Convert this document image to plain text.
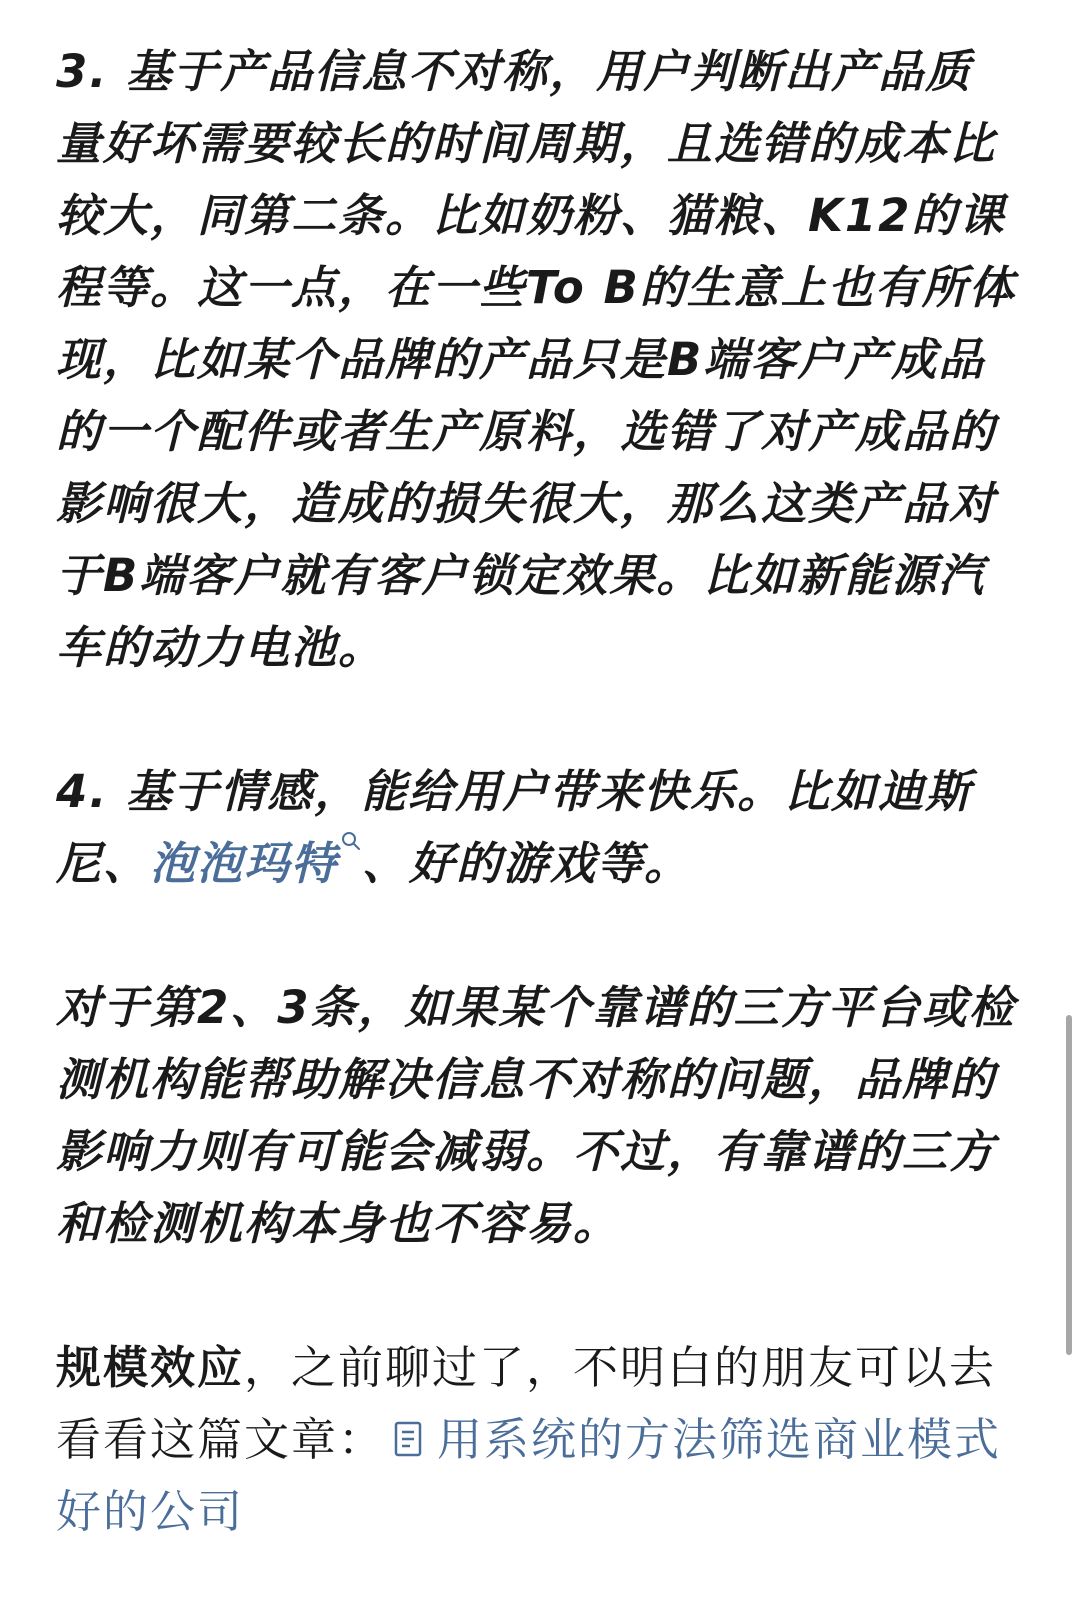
3. 基于产品信息不对称，用户判断出产品质量好坏需要较长的时间周期，且选错的成本比较大，同第二条。比如奶粉、猫粮、K12的课程等。这一点，在一些To B的生意上也有所体现，比如某个品牌的产品只是B端客户产成品的一个配件或者生产原料，选错了对产成品的影响很大，造成的损失很大，那么这类产品对于B端客户就有客户锁定效果。比如新能源汽车的动力电池。

4. 基于情感，能给用户带来快乐。比如迪斯尼、泡泡玛特 、好的游戏等。

对于第2、3条，如果某个靠谱的三方平台或检测机构能帮助解决信息不对称的问题，品牌的影响力则有可能会减弱。不过，有靠谱的三方和检测机构本身也不容易。

规模效应，之前聊过了，不明白的朋友可以去看看这篇文章： 用系统的方法筛选商业模式好的公司
